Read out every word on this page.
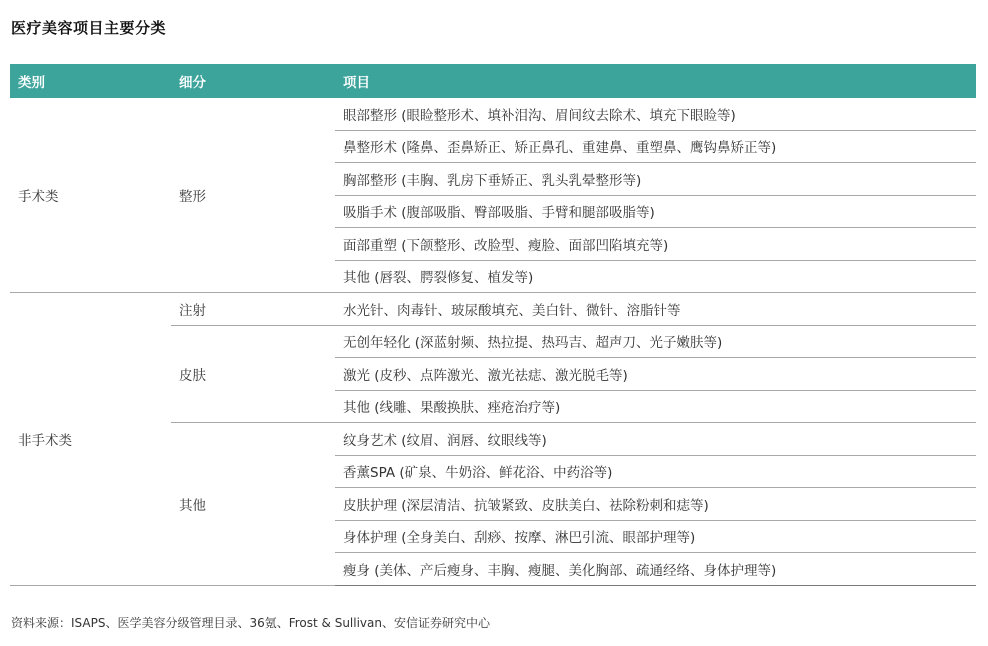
医疗美容项目主要分类
类别	细分	项目
手术类	整形	眼部整形 (眼睑整形术、填补泪沟、眉间纹去除术、填充下眼睑等)
		鼻整形术 (隆鼻、歪鼻矫正、矫正鼻孔、重建鼻、重塑鼻、鹰钩鼻矫正等)
		胸部整形 (丰胸、乳房下垂矫正、乳头乳晕整形等)
		吸脂手术 (腹部吸脂、臀部吸脂、手臂和腿部吸脂等)
		面部重塑 (下颌整形、改脸型、瘦脸、面部凹陷填充等)
		其他 (唇裂、腭裂修复、植发等)
非手术类	注射	水光针、肉毒针、玻尿酸填充、美白针、微针、溶脂针等
	皮肤	无创年轻化 (深蓝射频、热拉提、热玛吉、超声刀、光子嫩肤等)
		激光 (皮秒、点阵激光、激光祛痣、激光脱毛等)
		其他 (线雕、果酸换肤、痤疮治疗等)
	其他	纹身艺术 (纹眉、润唇、纹眼线等)
		香薰SPA (矿泉、牛奶浴、鲜花浴、中药浴等)
		皮肤护理 (深层清洁、抗皱紧致、皮肤美白、祛除粉刺和痣等)
		身体护理 (全身美白、刮痧、按摩、淋巴引流、眼部护理等)
		瘦身 (美体、产后瘦身、丰胸、瘦腿、美化胸部、疏通经络、身体护理等)
资料来源：ISAPS、医学美容分级管理目录、36氪、Frost & Sullivan、安信证券研究中心
